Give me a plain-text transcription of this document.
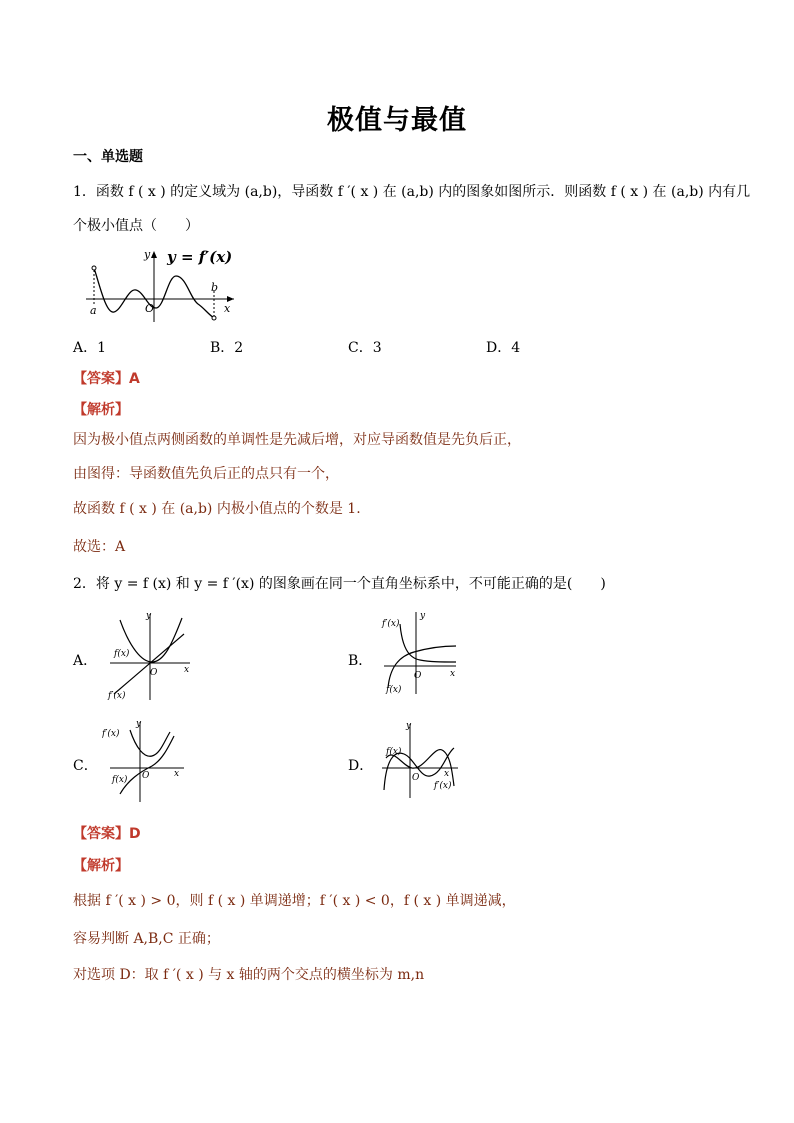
极值与最值
一、单选题
1．函数 f ( x ) 的定义域为 (a,b)，导函数 f ′( x ) 在 (a,b) 内的图象如图所示．则函数 f ( x ) 在 (a,b) 内有几
个极小值点（　　）
y = f′(x)
y
x
a
b
O
A．1	B．2	C．3	D．4
【答案】A
【解析】
因为极小值点两侧函数的单调性是先减后增，对应导函数值是先负后正，
由图得：导函数值先负后正的点只有一个，
故函数 f ( x ) 在 (a,b) 内极小值点的个数是 1.
故选：A
2．将 y = f (x) 和 y = f ′(x) 的图象画在同一个直角坐标系中，不可能正确的是(　　)
A．
y
x
O
f(x)
f′(x)
B．
y
x
O
f′(x)
f(x)
C．
y
x
O
f′(x)
f(x)
D．
y
x
O
f(x)
f′(x)
【答案】D
【解析】
根据 f ′( x ) > 0，则 f ( x ) 单调递增；f ′( x ) < 0，f ( x ) 单调递减，
容易判断 A,B,C 正确；
对选项 D：取 f ′( x ) 与 x 轴的两个交点的横坐标为 m,n
